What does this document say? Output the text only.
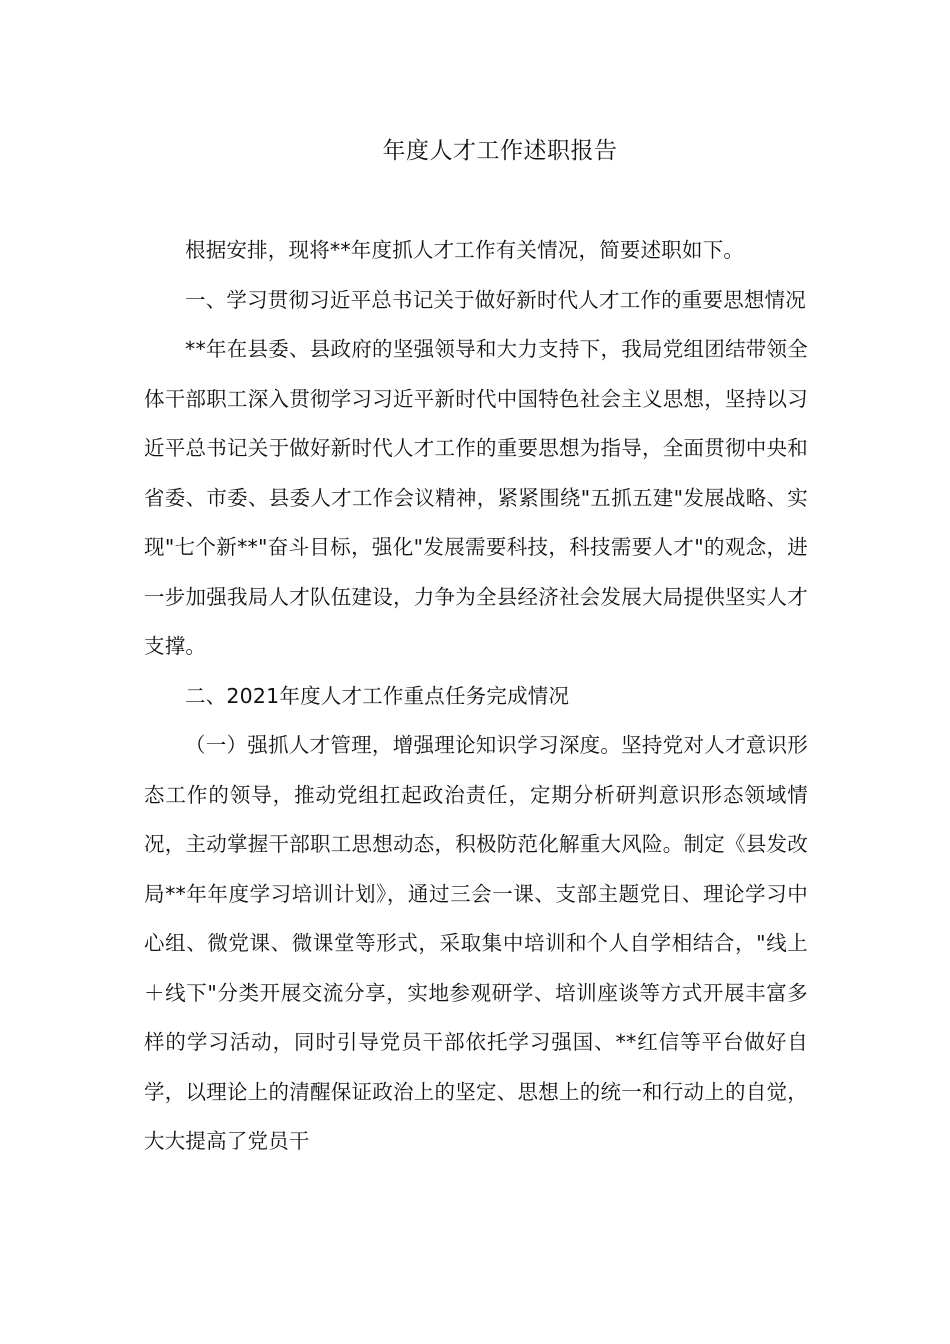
年度人才工作述职报告

根据安排，现将**年度抓人才工作有关情况，简要述职如下。

一、学习贯彻习近平总书记关于做好新时代人才工作的重要思想情况

**年在县委、县政府的坚强领导和大力支持下，我局党组团结带领全体干部职工深入贯彻学习习近平新时代中国特色社会主义思想，坚持以习近平总书记关于做好新时代人才工作的重要思想为指导，全面贯彻中央和省委、市委、县委人才工作会议精神，紧紧围绕"五抓五建"发展战略、实现"七个新**"奋斗目标，强化"发展需要科技，科技需要人才"的观念，进一步加强我局人才队伍建设，力争为全县经济社会发展大局提供坚实人才支撑。

二、2021年度人才工作重点任务完成情况

（一）强抓人才管理，增强理论知识学习深度。坚持党对人才意识形态工作的领导，推动党组扛起政治责任，定期分析研判意识形态领域情况，主动掌握干部职工思想动态，积极防范化解重大风险。制定《县发改局**年年度学习培训计划》，通过三会一课、支部主题党日、理论学习中心组、微党课、微课堂等形式，采取集中培训和个人自学相结合，"线上＋线下"分类开展交流分享，实地参观研学、培训座谈等方式开展丰富多样的学习活动，同时引导党员干部依托学习强国、**红信等平台做好自学，以理论上的清醒保证政治上的坚定、思想上的统一和行动上的自觉，大大提高了党员干
